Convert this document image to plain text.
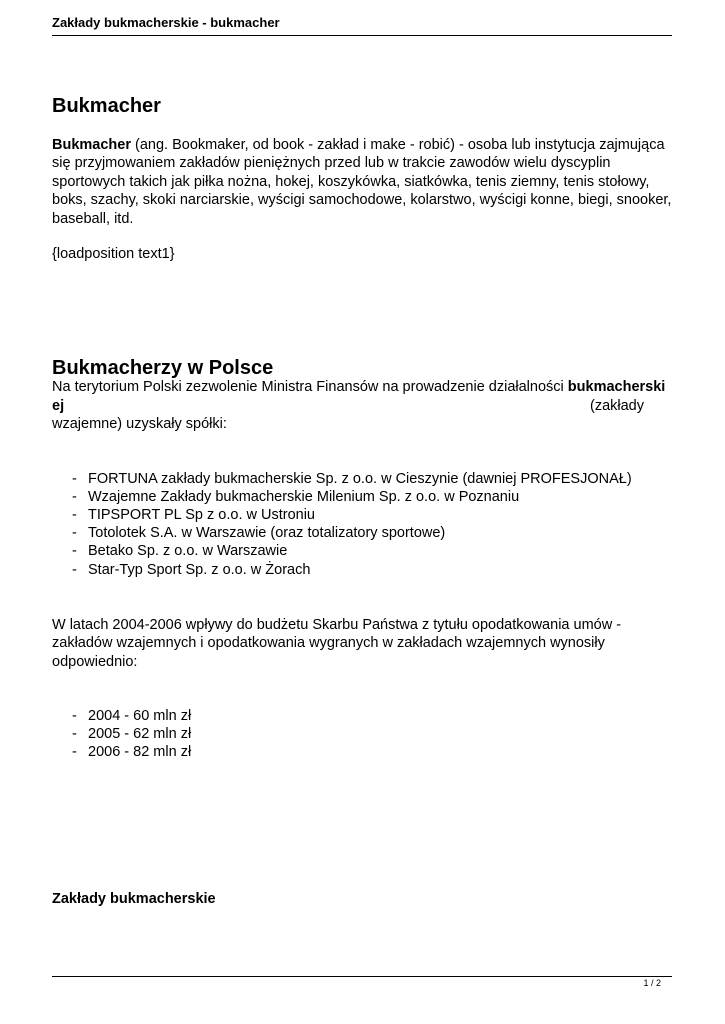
Zakłady bukmacherskie - bukmacher
Bukmacher
Bukmacher (ang. Bookmaker, od book - zakład i make - robić) - osoba lub instytucja zajmująca się przyjmowaniem zakładów pieniężnych przed lub w trakcie zawodów wielu dyscyplin sportowych takich jak piłka nożna, hokej, koszykówka, siatkówka, tenis ziemny, tenis stołowy, boks, szachy, skoki narciarskie, wyścigi samochodowe, kolarstwo, wyścigi konne, biegi, snooker, baseball, itd.
{loadposition text1}
Bukmacherzy w Polsce
Na terytorium Polski zezwolenie Ministra Finansów na prowadzenie działalności bukmacherski
ej	(zakłady
wzajemne) uzyskały spółki:
- FORTUNA zakłady bukmacherskie Sp. z o.o. w Cieszynie (dawniej PROFESJONAŁ)
- Wzajemne Zakłady bukmacherskie Milenium Sp. z o.o. w Poznaniu
- TIPSPORT PL Sp z o.o. w Ustroniu
- Totolotek S.A. w Warszawie (oraz totalizatory sportowe)
- Betako Sp. z o.o. w Warszawie
- Star-Typ Sport Sp. z o.o. w Żorach
W latach 2004-2006 wpływy do budżetu Skarbu Państwa z tytułu opodatkowania umów - zakładów wzajemnych i opodatkowania wygranych w zakładach wzajemnych wynosiły odpowiednio:
- 2004 - 60 mln zł
- 2005 - 62 mln zł
- 2006 - 82 mln zł
Zakłady bukmacherskie
1 / 2
